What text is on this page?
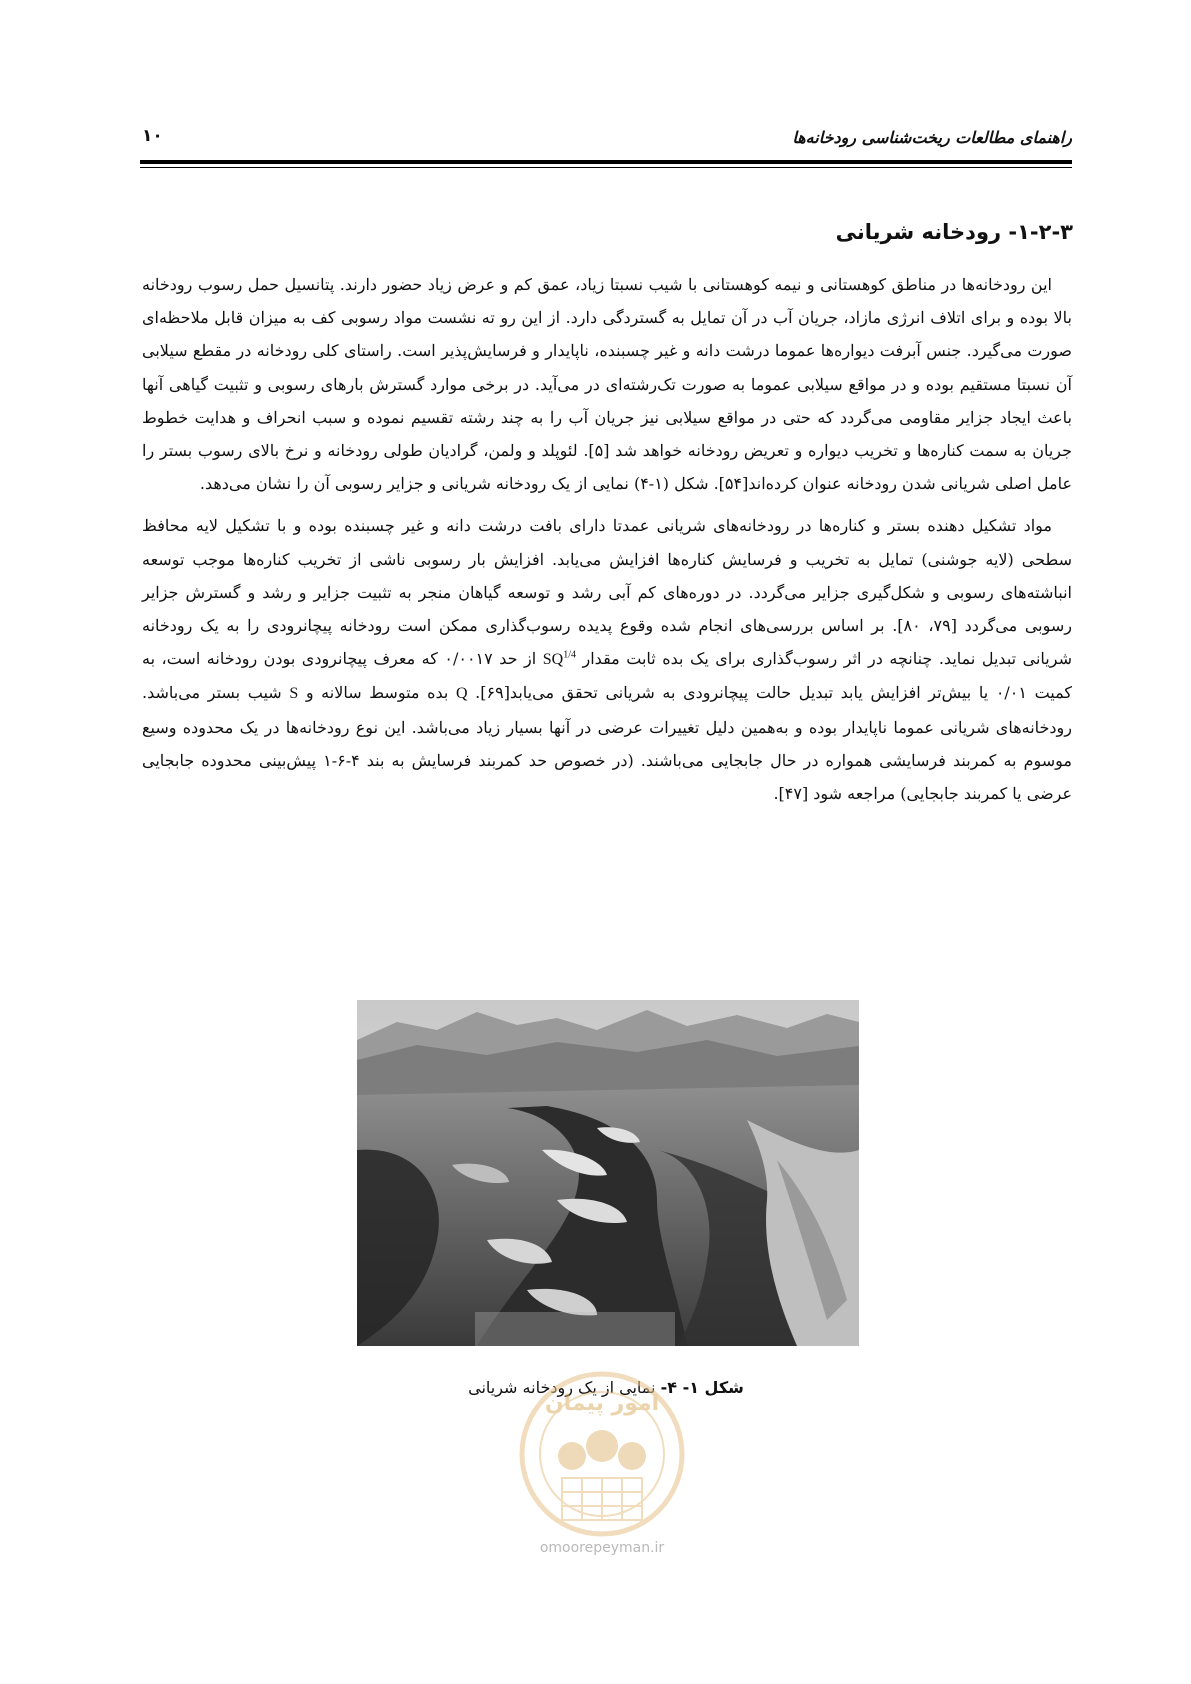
راهنمای مطالعات ریخت‌شناسی رودخانه‌ها
۱۰
۱-۲-۳- رودخانه شریانی

این رودخانه‌ها در مناطق کوهستانی و نیمه کوهستانی با شیب نسبتا زیاد، عمق کم و عرض زیاد حضور دارند. پتانسیل حمل رسوب رودخانه بالا بوده و برای اتلاف انرژی مازاد، جریان آب در آن تمایل به گستردگی دارد. از این رو ته نشست مواد رسوبی کف به میزان قابل ملاحظه‌ای صورت می‌گیرد. جنس آبرفت دیواره‌ها عموما درشت دانه و غیر چسبنده، ناپایدار و فرسایش‌پذیر است. راستای کلی رودخانه در مقطع سیلابی آن نسبتا مستقیم بوده و در مواقع سیلابی عموما به صورت تک‌رشته‌ای در می‌آید. در برخی موارد گسترش بارهای رسوبی و تثبیت گیاهی آنها باعث ایجاد جزایر مقاومی می‌گردد که حتی در مواقع سیلابی نیز جریان آب را به چند رشته تقسیم نموده و سبب انحراف و هدایت خطوط جریان به سمت کناره‌ها و تخریب دیواره و تعریض رودخانه خواهد شد [۵]. لئوپلد و ولمن، گرادیان طولی رودخانه و نرخ بالای رسوب بستر را عامل اصلی شریانی شدن رودخانه عنوان کرده‌اند[۵۴]. شکل (۱-۴) نمایی از یک رودخانه شریانی و جزایر رسوبی آن را نشان می‌دهد.

مواد تشکیل دهنده بستر و کناره‌ها در رودخانه‌های شریانی عمدتا دارای بافت درشت دانه و غیر چسبنده بوده و با تشکیل لایه محافظ سطحی (لایه جوشنی) تمایل به تخریب و فرسایش کناره‌ها افزایش می‌یابد. افزایش بار رسوبی ناشی از تخریب کناره‌ها موجب توسعه انباشته‌های رسوبی و شکل‌گیری جزایر می‌گردد. در دوره‌های کم آبی رشد و توسعه گیاهان منجر به تثبیت جزایر و رشد و گسترش جزایر رسوبی می‌گردد [۷۹، ۸۰]. بر اساس بررسی‌های انجام شده وقوع پدیده رسوب‌گذاری ممکن است رودخانه پیچانرودی را به یک رودخانه شریانی تبدیل نماید. چنانچه در اثر رسوب‌گذاری برای یک بده ثابت مقدار $SQ^{1/4}$ از حد ۰/۰۰۱۷ که معرف پیچانرودی بودن رودخانه است، به کمیت ۰/۰۱ یا بیش‌تر افزایش یابد تبدیل حالت پیچانرودی به شریانی تحقق می‌یابد[۶۹]. Q بده متوسط سالانه و S شیب بستر می‌باشد. رودخانه‌های شریانی عموما ناپایدار بوده و به‌همین دلیل تغییرات عرضی در آنها بسیار زیاد می‌باشد. این نوع رودخانه‌ها در یک محدوده وسیع موسوم به کمربند فرسایشی همواره در حال جابجایی می‌باشند. (در خصوص حد کمربند فرسایش به بند ۴-۶-۱ پیش‌بینی محدوده جابجایی عرضی یا کمربند جابجایی) مراجعه شود [۴۷].

شکل ۱- ۴- نمایی از یک رودخانه شریانی
امور پیمان
omoorepeyman.ir
